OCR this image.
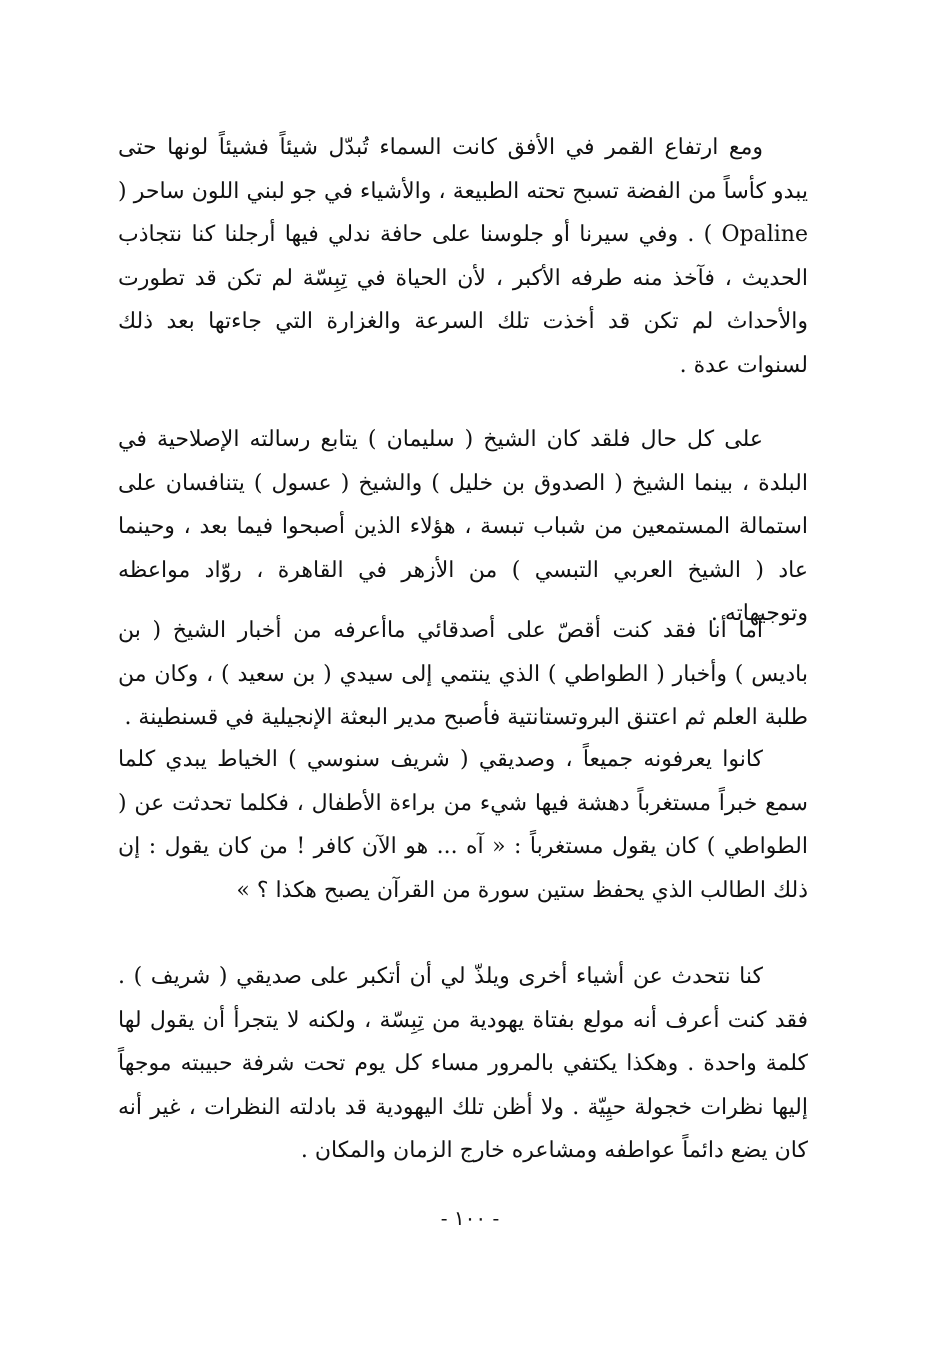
ومع ارتفاع القمر في الأفق كانت السماء تُبدّل شيئاً فشيئاً لونها حتى يبدو كأساً من الفضة تسبح تحته الطبيعة ، والأشياء في جو لبني اللون ساحر ( Opaline ) . وفي سيرنا أو جلوسنا على حافة ندلي فيها أرجلنا كنا نتجاذب الحديث ، فآخذ منه طرفه الأكبر ، لأن الحياة في تِبِسّة لم تكن قد تطورت والأحداث لم تكن قد أخذت تلك السرعة والغزارة التي جاءتها بعد ذلك لسنوات عدة .

على كل حال فلقد كان الشيخ ( سليمان ) يتابع رسالته الإصلاحية في البلدة ، بينما الشيخ ( الصدوق بن خليل ) والشيخ ( عسول ) يتنافسان على استمالة المستمعين من شباب تبسة ، هؤلاء الذين أصبحوا فيما بعد ، وحينما عاد ( الشيخ العربي التبسي ) من الأزهر في القاهرة ، روّاد مواعظه وتوجيهاته .

أما أنا فقد كنت أقصّ على أصدقائي ماأعرفه من أخبار الشيخ ( بن باديس ) وأخبار ( الطواطي ) الذي ينتمي إلى سيدي ( بن سعيد ) ، وكان من طلبة العلم ثم اعتنق البروتستانتية فأصبح مدير البعثة الإنجيلية في قسنطينة .

كانوا يعرفونه جميعاً ، وصديقي ( شريف سنوسي ) الخياط يبدي كلما سمع خبراً مستغرباً دهشة فيها شيء من براءة الأطفال ، فكلما تحدثت عن ( الطواطي ) كان يقول مستغرباً : « آه ... هو الآن كافر ! من كان يقول : إن ذلك الطالب الذي يحفظ ستين سورة من القرآن يصبح هكذا ؟ »

كنا نتحدث عن أشياء أخرى ويلذّ لي أن أتكبر على صديقي ( شريف ) . فقد كنت أعرف أنه مولع بفتاة يهودية من تِبِسّة ، ولكنه لا يتجرأ أن يقول لها كلمة واحدة . وهكذا يكتفي بالمرور مساء كل يوم تحت شرفة حبيبته موجهاً إليها نظرات خجولة حيِيّة . ولا أظن تلك اليهودية قد بادلته النظرات ، غير أنه كان يضع دائماً عواطفه ومشاعره خارج الزمان والمكان .

- ١٠٠ -
